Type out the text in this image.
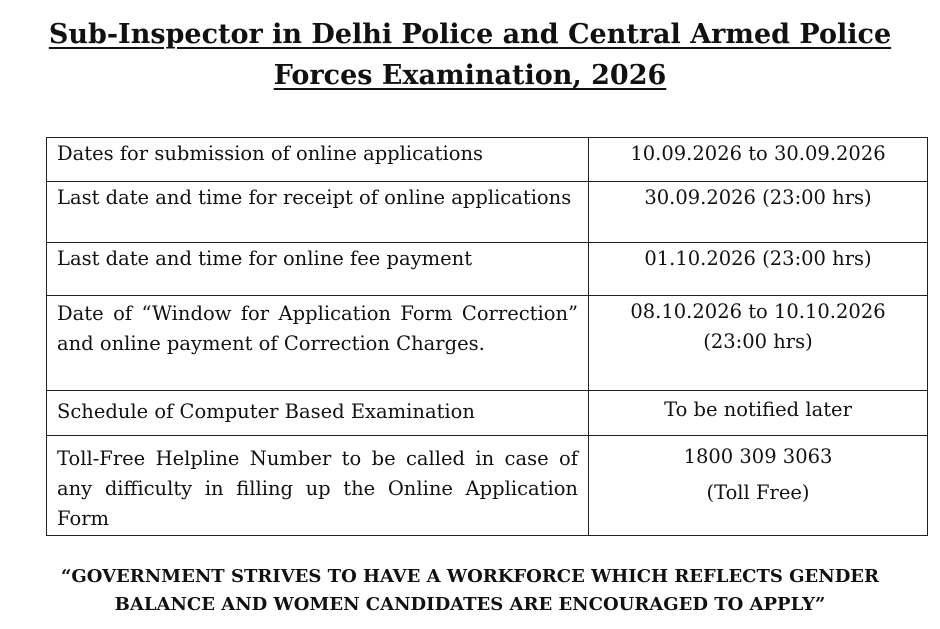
Sub-Inspector in Delhi Police and Central Armed Police
Forces Examination, 2026
Dates for submission of online applications	10.09.2026 to 30.09.2026

Last date and time for receipt of online applications	30.09.2026 (23:00 hrs)

Last date and time for online fee payment	01.10.2026 (23:00 hrs)

Date of “Window for Application Form Correction” and online payment of Correction Charges.	08.10.2026 to 10.10.2026
(23:00 hrs)

Schedule of Computer Based Examination	To be notified later

Toll-Free Helpline Number to be called in case of any difficulty in filling up the Online Application Form	1800 309 3063
(Toll Free)

“GOVERNMENT STRIVES TO HAVE A WORKFORCE WHICH REFLECTS GENDER
BALANCE AND WOMEN CANDIDATES ARE ENCOURAGED TO APPLY”
